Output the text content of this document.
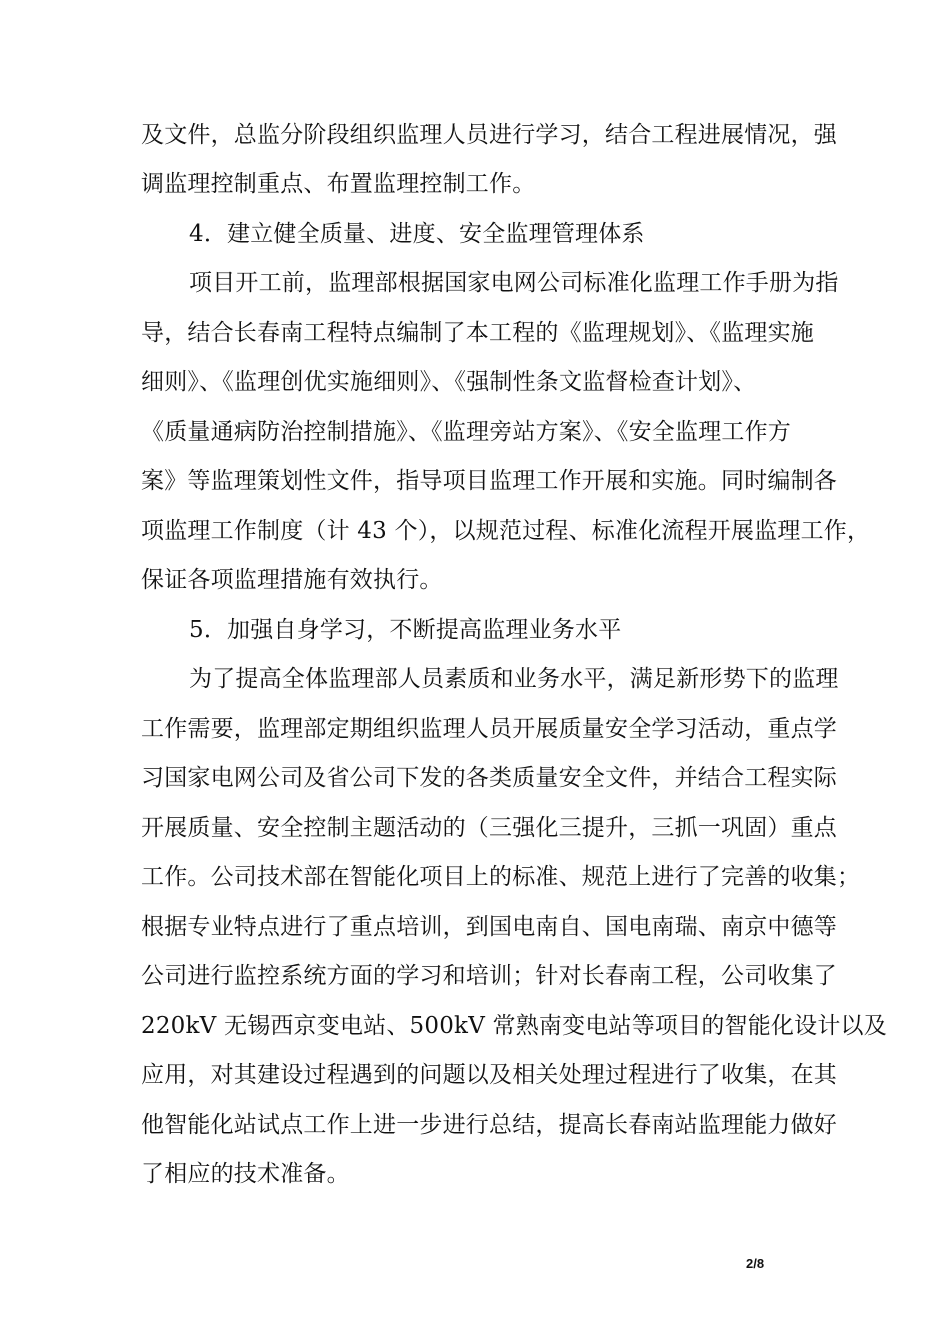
及文件，总监分阶段组织监理人员进行学习，结合工程进展情况，强
调监理控制重点、布置监理控制工作。
4．建立健全质量、进度、安全监理管理体系
项目开工前，监理部根据国家电网公司标准化监理工作手册为指
导，结合长春南工程特点编制了本工程的《监理规划》、《监理实施
细则》、《监理创优实施细则》、《强制性条文监督检查计划》、
《质量通病防治控制措施》、《监理旁站方案》、《安全监理工作方
案》等监理策划性文件，指导项目监理工作开展和实施。同时编制各
项监理工作制度（计 43 个），以规范过程、标准化流程开展监理工作，
保证各项监理措施有效执行。
5．加强自身学习，不断提高监理业务水平
为了提高全体监理部人员素质和业务水平，满足新形势下的监理
工作需要，监理部定期组织监理人员开展质量安全学习活动，重点学
习国家电网公司及省公司下发的各类质量安全文件，并结合工程实际
开展质量、安全控制主题活动的（三强化三提升，三抓一巩固）重点
工作。公司技术部在智能化项目上的标准、规范上进行了完善的收集；
根据专业特点进行了重点培训，到国电南自、国电南瑞、南京中德等
公司进行监控系统方面的学习和培训；针对长春南工程，公司收集了
220kV 无锡西京变电站、500kV 常熟南变电站等项目的智能化设计以及
应用，对其建设过程遇到的问题以及相关处理过程进行了收集，在其
他智能化站试点工作上进一步进行总结，提高长春南站监理能力做好
了相应的技术准备。
2/8
